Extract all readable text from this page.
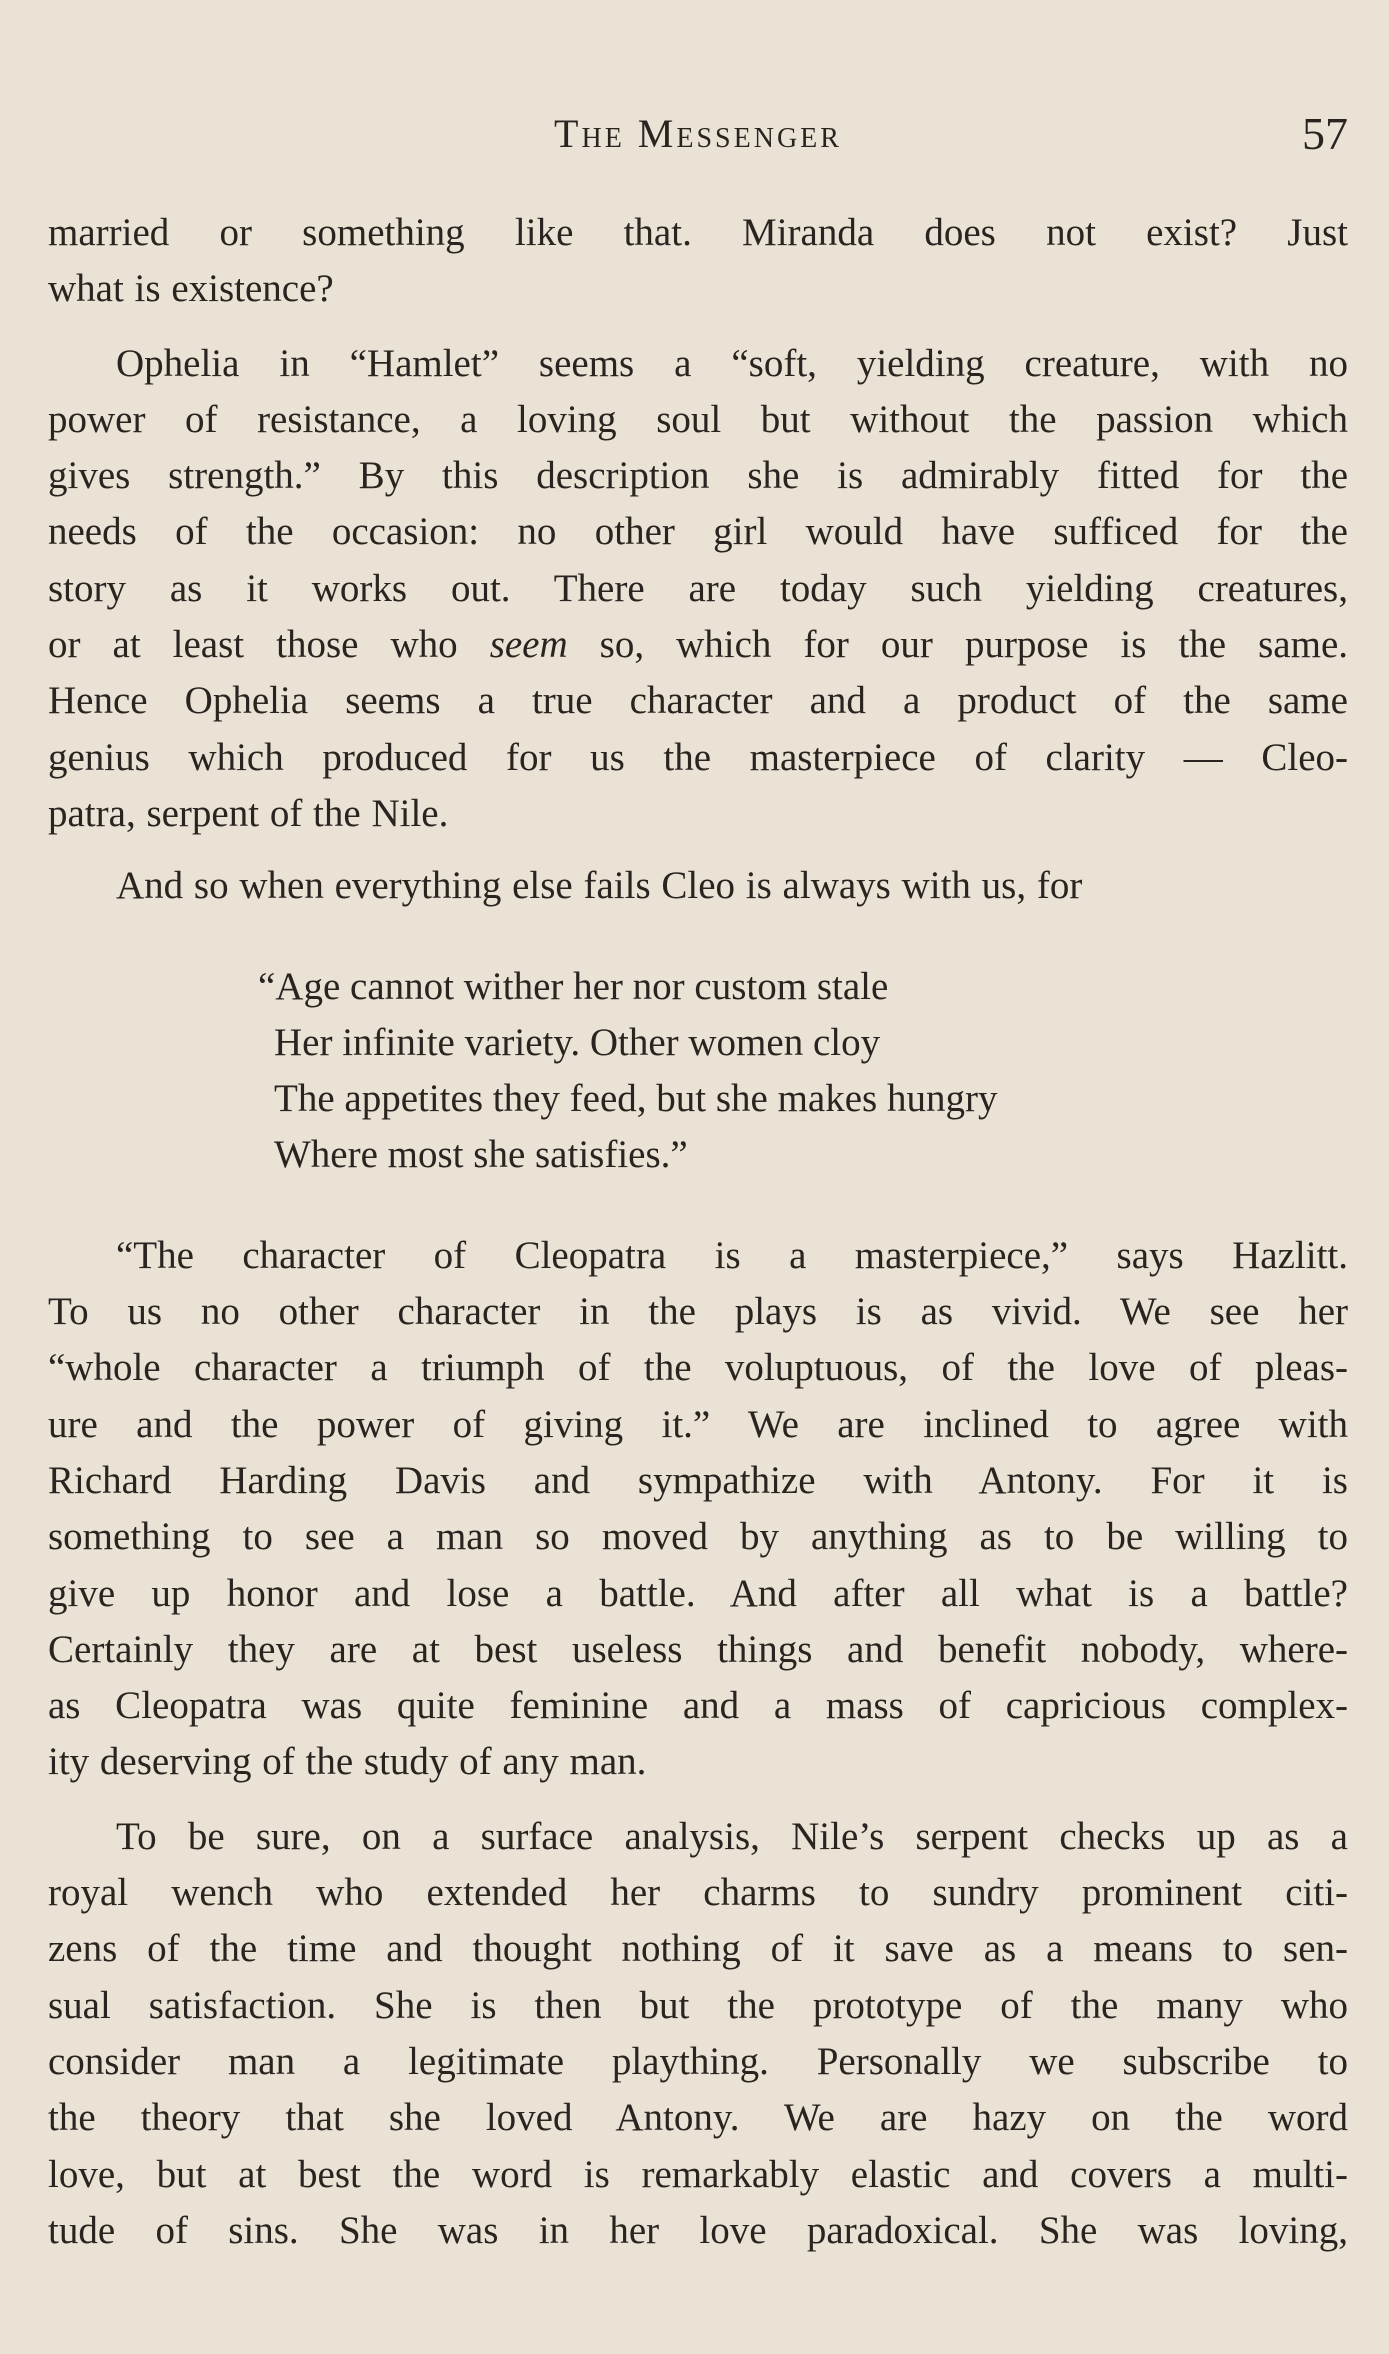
The Messenger	57

married or something like that. Miranda does not exist? Just
what is existence?

Ophelia in “Hamlet” seems a “soft, yielding creature, with no
power of resistance, a loving soul but without the passion which
gives strength.” By this description she is admirably fitted for the
needs of the occasion: no other girl would have sufficed for the
story as it works out. There are today such yielding creatures,
or at least those who seem so, which for our purpose is the same.
Hence Ophelia seems a true character and a product of the same
genius which produced for us the masterpiece of clarity — Cleo-
patra, serpent of the Nile.

And so when everything else fails Cleo is always with us, for

“Age cannot wither her nor custom stale
Her infinite variety. Other women cloy
The appetites they feed, but she makes hungry
Where most she satisfies.”

“The character of Cleopatra is a masterpiece,” says Hazlitt.
To us no other character in the plays is as vivid. We see her
“whole character a triumph of the voluptuous, of the love of pleas-
ure and the power of giving it.” We are inclined to agree with
Richard Harding Davis and sympathize with Antony. For it is
something to see a man so moved by anything as to be willing to
give up honor and lose a battle. And after all what is a battle?
Certainly they are at best useless things and benefit nobody, where-
as Cleopatra was quite feminine and a mass of capricious complex-
ity deserving of the study of any man.

To be sure, on a surface analysis, Nile’s serpent checks up as a
royal wench who extended her charms to sundry prominent citi-
zens of the time and thought nothing of it save as a means to sen-
sual satisfaction. She is then but the prototype of the many who
consider man a legitimate plaything. Personally we subscribe to
the theory that she loved Antony. We are hazy on the word
love, but at best the word is remarkably elastic and covers a multi-
tude of sins. She was in her love paradoxical. She was loving,
